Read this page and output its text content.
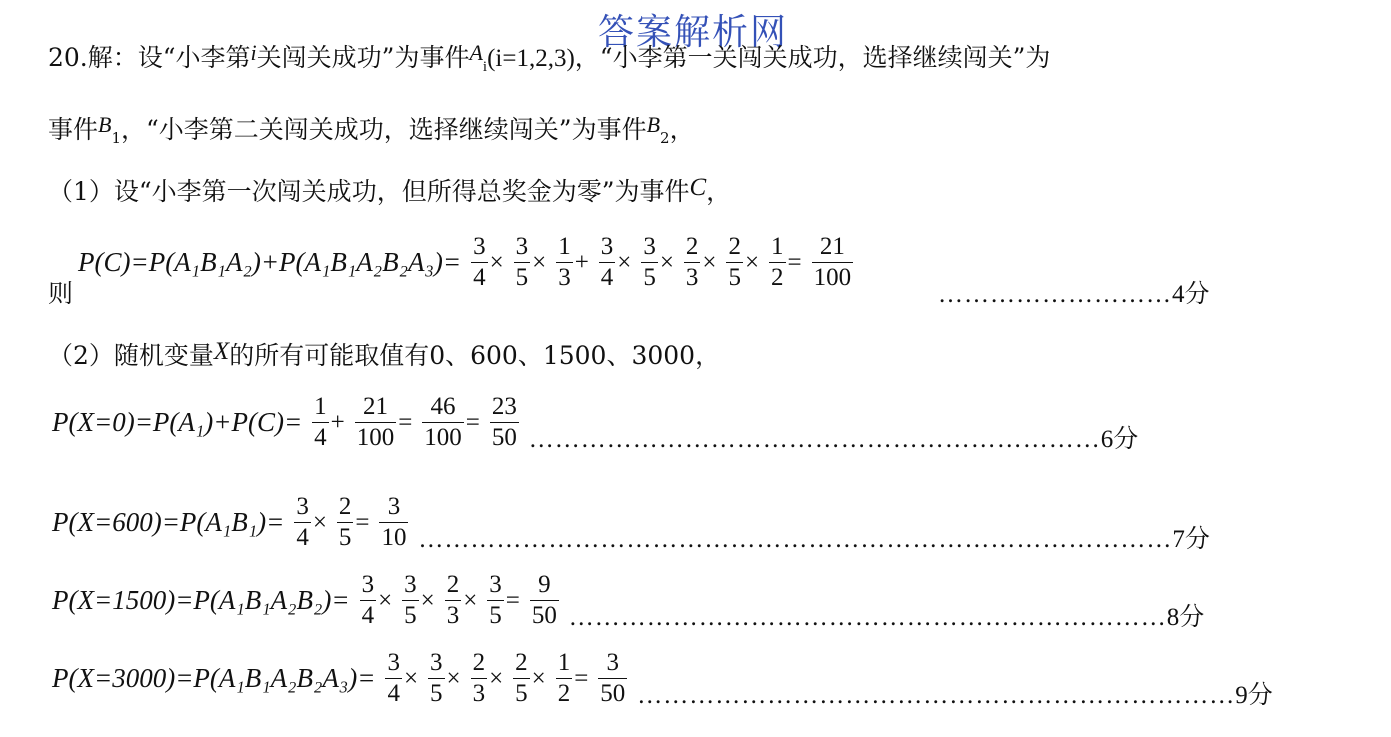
答案解析网
20.解：设“小李第i关闯关成功”为事件$A_i(i=1,2,3)$，“小李第一关闯关成功，选择继续闯关”为
事件$B_1$，“小李第二关闯关成功，选择继续闯关”为事件$B_2$，
（1）设“小李第一次闯关成功，但所得总奖金为零”为事件C，
则
$P(C)=P(A_1B_1A_2)+P(A_1B_1A_2B_2A_3)= \frac{3}{4} \times \frac{3}{5} \times \frac{1}{3} + \frac{3}{4} \times \frac{3}{5} \times \frac{2}{3} \times \frac{2}{5} \times \frac{1}{2} = \frac{21}{100}$
………………………4分
（2）随机变量X的所有可能取值有0、600、1500、3000，
$P(X=0)=P(A_1)+P(C)= \frac{1}{4} + \frac{21}{100} = \frac{46}{100} = \frac{23}{50}$ …………………………………………………………6分
$P(X=600)=P(A_1B_1)= \frac{3}{4} \times \frac{2}{5} = \frac{3}{10}$ ……………………………………………………………………………7分
$P(X=1500)=P(A_1B_1A_2B_2)= \frac{3}{4} \times \frac{3}{5} \times \frac{2}{3} \times \frac{3}{5} = \frac{9}{50}$ ……………………………………………………………8分
$P(X=3000)=P(A_1B_1A_2B_2A_3)= \frac{3}{4} \times \frac{3}{5} \times \frac{2}{3} \times \frac{2}{5} \times \frac{1}{2} = \frac{3}{50}$ ……………………………………………………………9分
